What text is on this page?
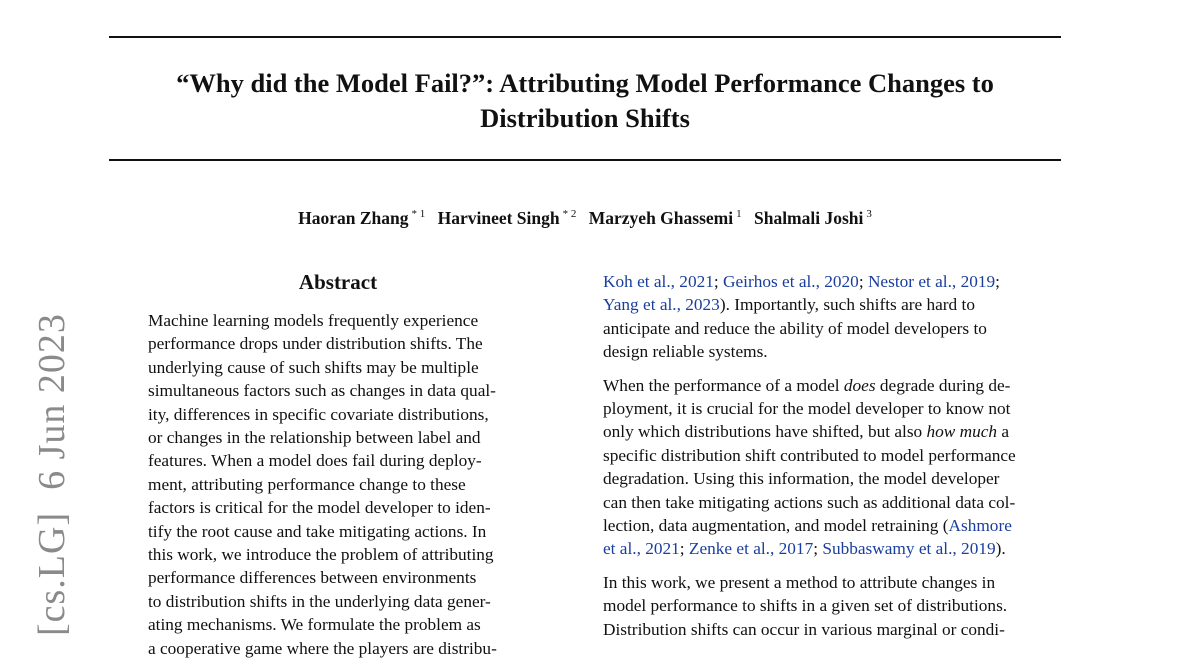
“Why did the Model Fail?”: Attributing Model Performance Changes to
Distribution Shifts
Haoran Zhang $^{* 1}$ Harvineet Singh $^{* 2}$ Marzyeh Ghassemi $^1$ Shalmali Joshi $^3$
[cs.LG]6 Jun 2023
Abstract
Machine learning models frequently experience
performance drops under distribution shifts. The
underlying cause of such shifts may be multiple
simultaneous factors such as changes in data qual-
ity, differences in specific covariate distributions,
or changes in the relationship between label and
features. When a model does fail during deploy-
ment, attributing performance change to these
factors is critical for the model developer to iden-
tify the root cause and take mitigating actions. In
this work, we introduce the problem of attributing
performance differences between environments
to distribution shifts in the underlying data gener-
ating mechanisms. We formulate the problem as
a cooperative game where the players are distribu-
Koh et al., 2021; Geirhos et al., 2020; Nestor et al., 2019;
Yang et al., 2023). Importantly, such shifts are hard to
anticipate and reduce the ability of model developers to
design reliable systems.
When the performance of a model does degrade during de-
ployment, it is crucial for the model developer to know not
only which distributions have shifted, but also how much a
specific distribution shift contributed to model performance
degradation. Using this information, the model developer
can then take mitigating actions such as additional data col-
lection, data augmentation, and model retraining (Ashmore
et al., 2021; Zenke et al., 2017; Subbaswamy et al., 2019).
In this work, we present a method to attribute changes in
model performance to shifts in a given set of distributions.
Distribution shifts can occur in various marginal or condi-
